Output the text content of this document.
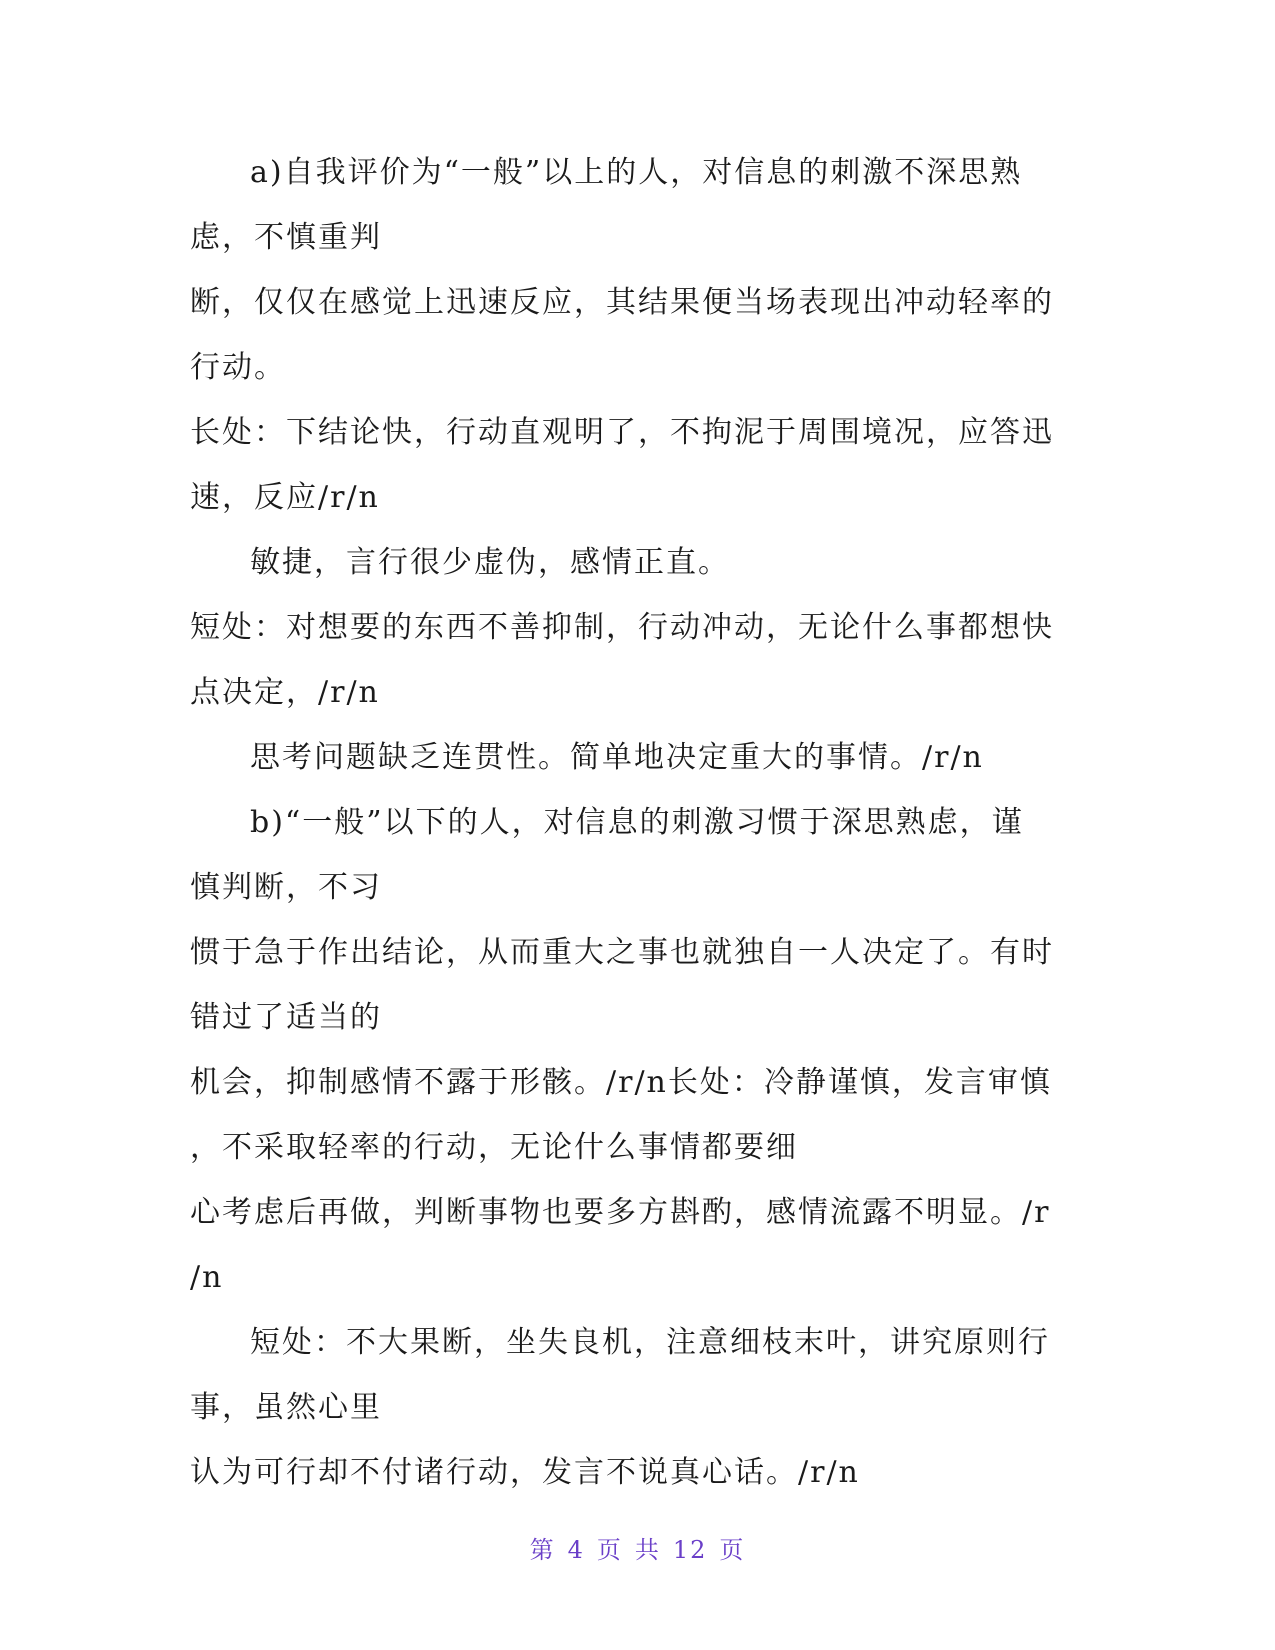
a)自我评价为“一般”以上的人，对信息的刺激不深思熟
虑，不慎重判
断，仅仅在感觉上迅速反应，其结果便当场表现出冲动轻率的
行动。
长处：下结论快，行动直观明了，不拘泥于周围境况，应答迅
速，反应/r/n
敏捷，言行很少虚伪，感情正直。
短处：对想要的东西不善抑制，行动冲动，无论什么事都想快
点决定，/r/n
思考问题缺乏连贯性。简单地决定重大的事情。/r/n
b)“一般”以下的人，对信息的刺激习惯于深思熟虑，谨
慎判断，不习
惯于急于作出结论，从而重大之事也就独自一人决定了。有时
错过了适当的
机会，抑制感情不露于形骸。/r/n长处：冷静谨慎，发言审慎
，不采取轻率的行动，无论什么事情都要细
心考虑后再做，判断事物也要多方斟酌，感情流露不明显。/r
/n
短处：不大果断，坐失良机，注意细枝末叶，讲究原则行
事，虽然心里
认为可行却不付诸行动，发言不说真心话。/r/n
第 4 页 共 12 页
